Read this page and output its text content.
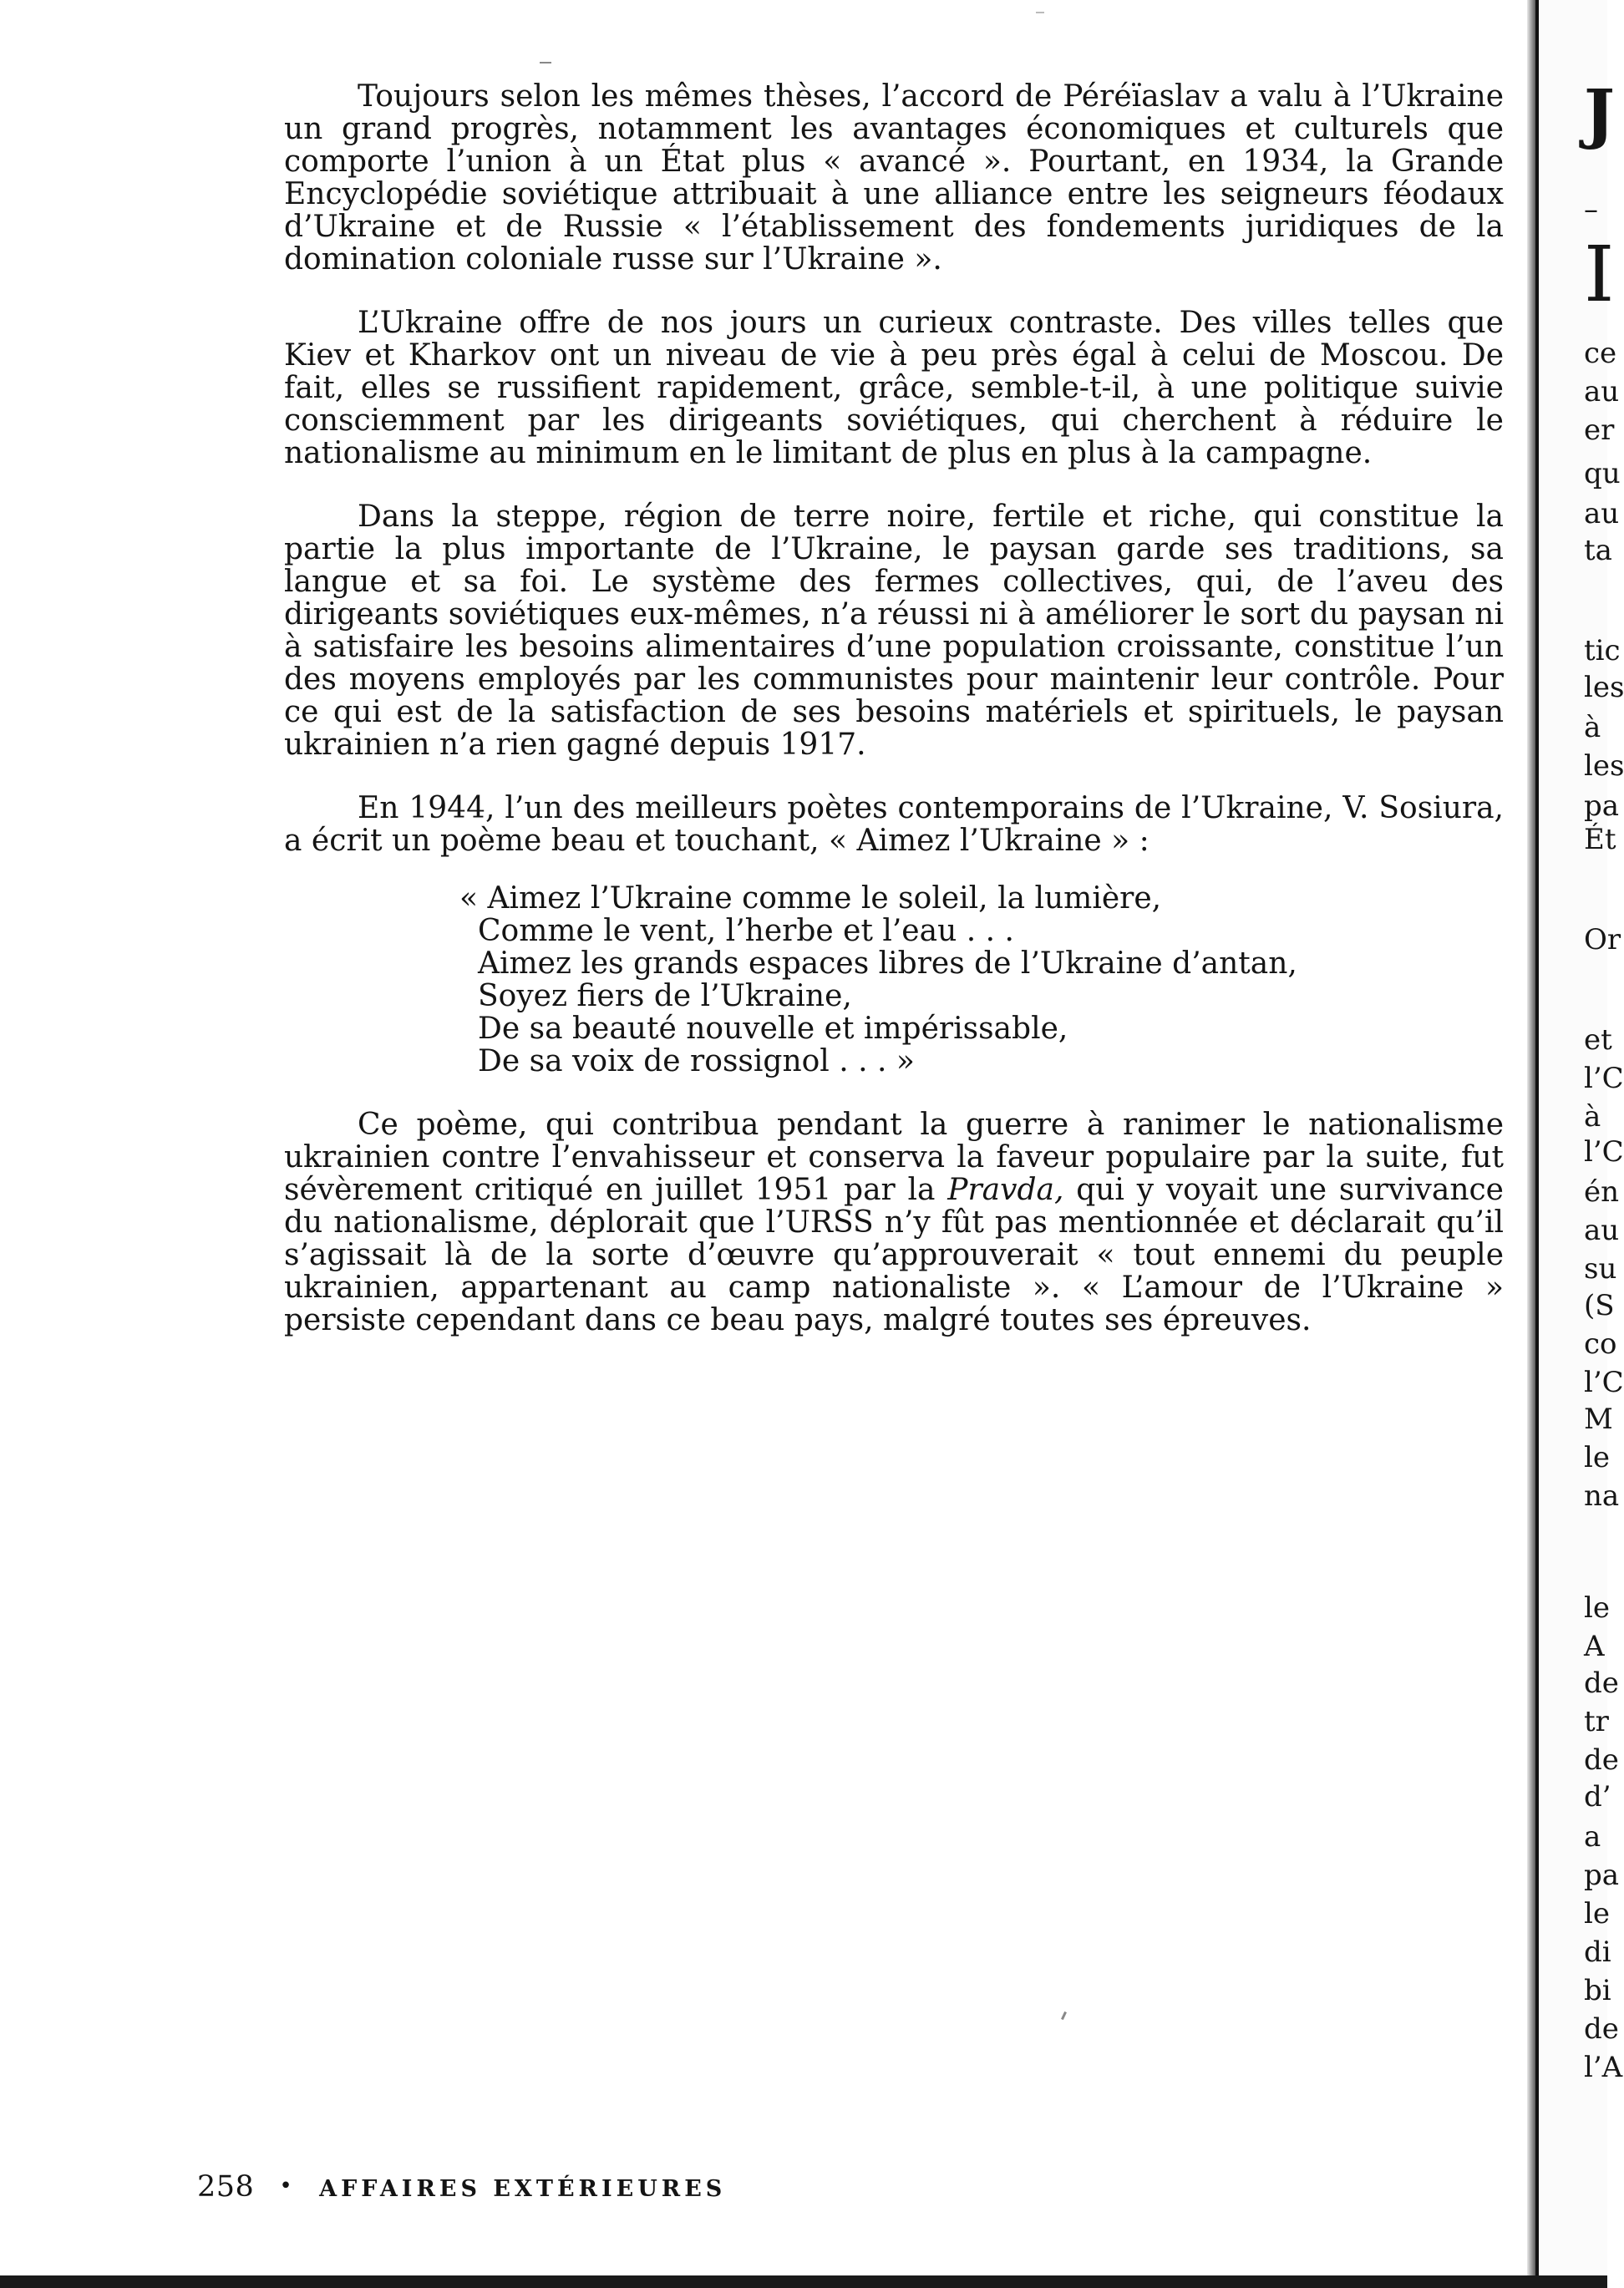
Toujours selon les mêmes thèses, l’accord de Péréïaslav a valu à l’Ukraine un grand progrès, notamment les avantages économiques et culturels que comporte l’union à un État plus « avancé ». Pourtant, en 1934, la Grande Encyclopédie soviétique attribuait à une alliance entre les seigneurs féodaux d’Ukraine et de Russie « l’établissement des fondements juridiques de la domination coloniale russe sur l’Ukraine ».

L’Ukraine offre de nos jours un curieux contraste. Des villes telles que Kiev et Kharkov ont un niveau de vie à peu près égal à celui de Moscou. De fait, elles se russifient rapidement, grâce, semble-t-il, à une politique suivie consciemment par les dirigeants soviétiques, qui cherchent à réduire le nationalisme au minimum en le limitant de plus en plus à la campagne.

Dans la steppe, région de terre noire, fertile et riche, qui constitue la partie la plus importante de l’Ukraine, le paysan garde ses traditions, sa langue et sa foi. Le système des fermes collectives, qui, de l’aveu des dirigeants soviétiques eux-mêmes, n’a réussi ni à améliorer le sort du paysan ni à satisfaire les besoins alimentaires d’une population croissante, constitue l’un des moyens employés par les communistes pour maintenir leur contrôle. Pour ce qui est de la satisfaction de ses besoins matériels et spirituels, le paysan ukrainien n’a rien gagné depuis 1917.

En 1944, l’un des meilleurs poètes contemporains de l’Ukraine, V. Sosiura, a écrit un poème beau et touchant, « Aimez l’Ukraine » :

« Aimez l’Ukraine comme le soleil, la lumière,
Comme le vent, l’herbe et l’eau . . .
Aimez les grands espaces libres de l’Ukraine d’antan,
Soyez fiers de l’Ukraine,
De sa beauté nouvelle et impérissable,
De sa voix de rossignol . . . »

Ce poème, qui contribua pendant la guerre à ranimer le nationalisme ukrainien contre l’envahisseur et conserva la faveur populaire par la suite, fut sévèrement critiqué en juillet 1951 par la Pravda, qui y voyait une survivance du nationalisme, déplorait que l’URSS n’y fût pas mentionnée et déclarait qu’il s’agissait là de la sorte d’œuvre qu’approuverait « tout ennemi du peuple ukrainien, appartenant au camp nationaliste ». « L’amour de l’Ukraine » persiste cependant dans ce beau pays, malgré toutes ses épreuves.

258 • AFFAIRES EXTÉRIEURES
J
–
I
ce
au
er
qu
au
ta
tic
les
à
les
pa
Ét
Or
et
l’C
à
l’C
én
au
su
(S
co
l’C
M
le
na
le
A
de
tr
de
d’
a
pa
le
di
bi
de
l’A
